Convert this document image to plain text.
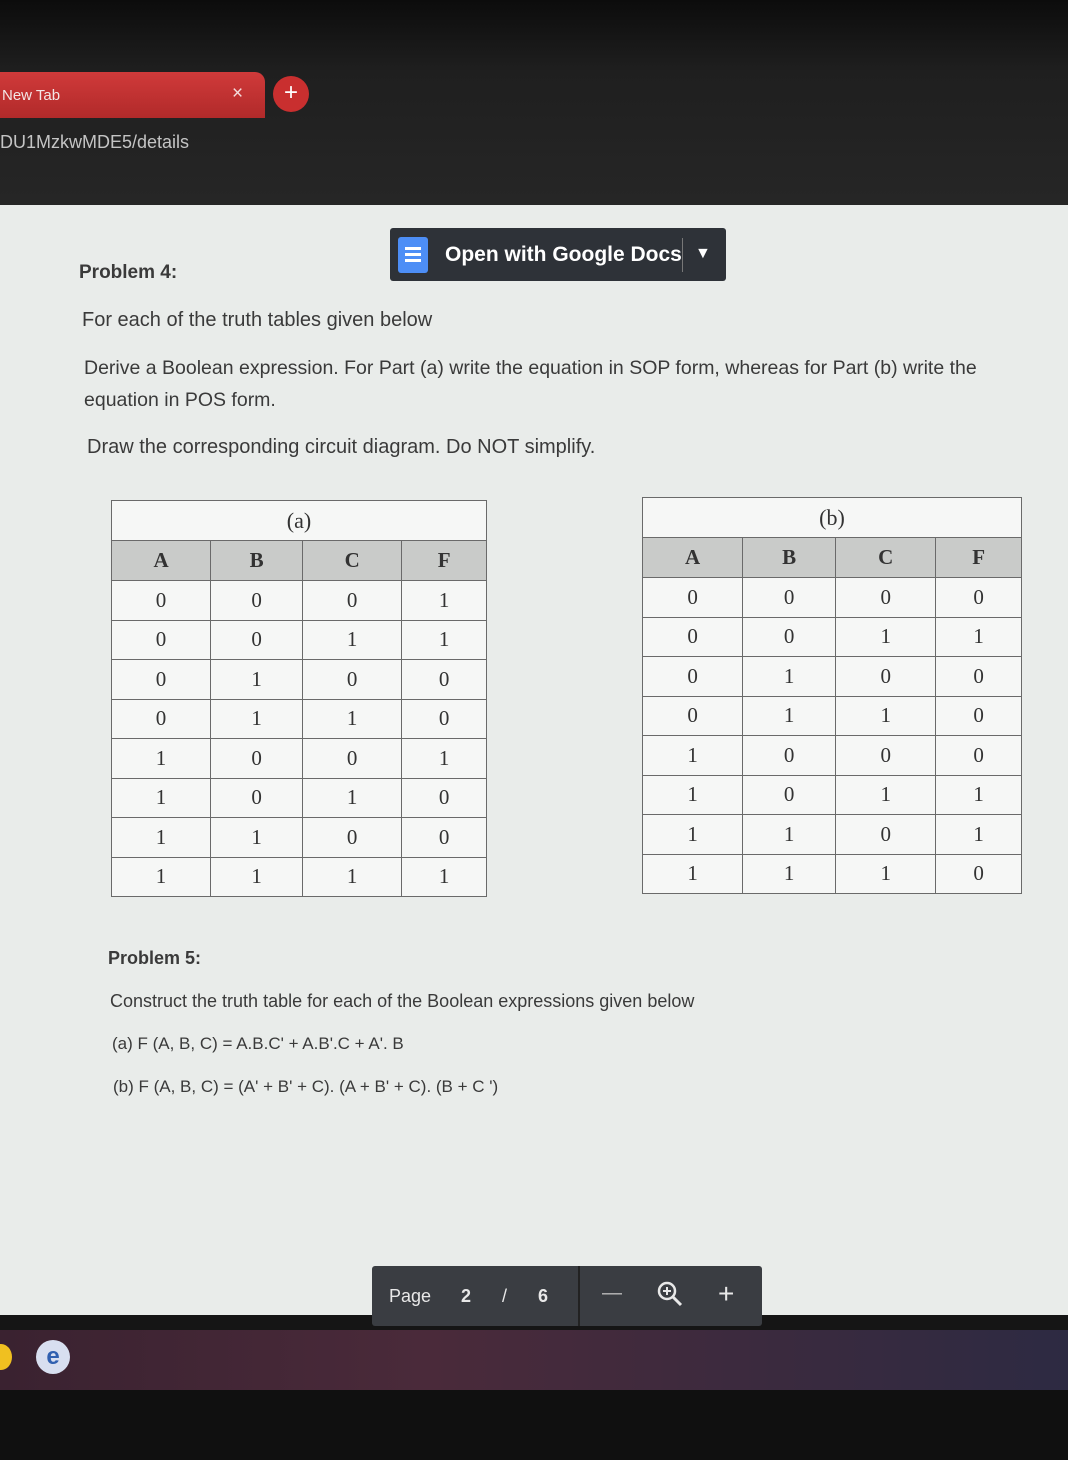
New Tab	×	+
DU1MzkwMDE5/details
Open with Google Docs ▼
Problem 4:
For each of the truth tables given below
Derive a Boolean expression. For Part (a) write the equation in SOP form, whereas for Part (b) write the
equation in POS form.
Draw the corresponding circuit diagram. Do NOT simplify.
(a)			
A	B	C	F
0	0	0	1
0	0	1	1
0	1	0	0
0	1	1	0
1	0	0	1
1	0	1	0
1	1	0	0
1	1	1	1
(b)			
A	B	C	F
0	0	0	0
0	0	1	1
0	1	0	0
0	1	1	0
1	0	0	0
1	0	1	1
1	1	0	1
1	1	1	0
Problem 5:
Construct the truth table for each of the Boolean expressions given below
(a) F (A, B, C) = A.B.C' + A.B'.C + A'. B
(b) F (A, B, C) = (A' + B' + C). (A + B' + C). (B + C ')
Page 2 / 6	—	+
e
